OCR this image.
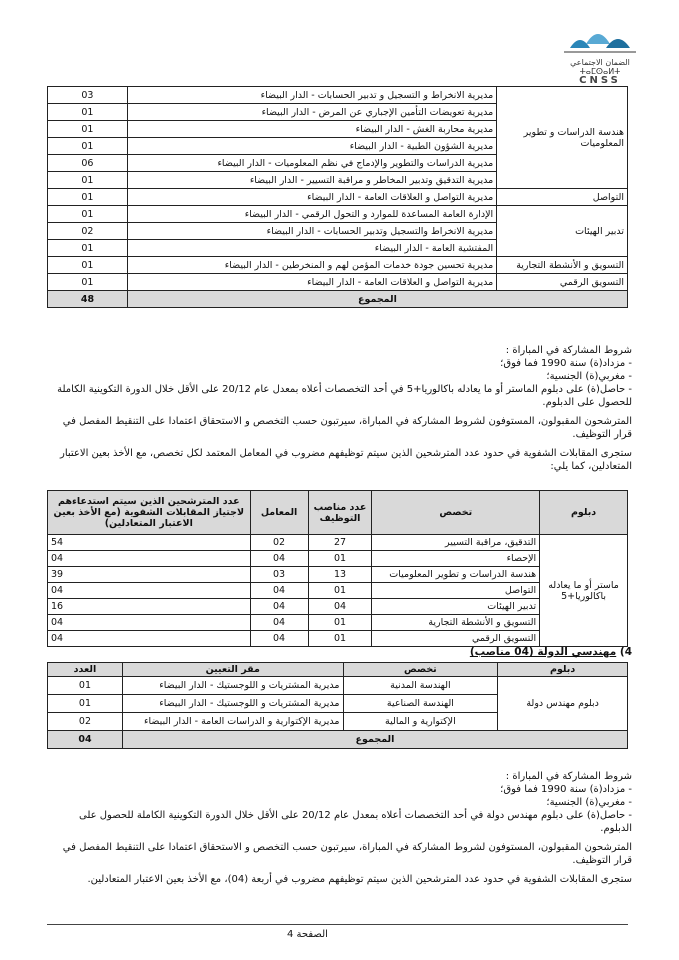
الضمان الاجتماعي
ⵜⴰⵎⵙⴰⵍⵜ
CNSS
هندسة الدراسات و تطوير المعلوميات	مديرية الانخراط و التسجيل و تدبير الحسابات - الدار البيضاء	03
	مديرية تعويضات التأمين الإجباري عن المرض - الدار البيضاء	01
	مديرية محاربة الغش - الدار البيضاء	01
	مديرية الشؤون الطبية - الدار البيضاء	01
	مديرية الدراسات والتطوير والإدماج في نظم المعلوميات - الدار البيضاء	06
	مديرية التدقيق وتدبير المخاطر و مراقبة التسيير - الدار البيضاء	01
التواصل	مديرية التواصل و العلاقات العامة - الدار البيضاء	01
تدبير الهيئات	الإدارة العامة المساعدة للموارد و التحول الرقمي - الدار البيضاء	01
	مديرية الانخراط والتسجيل وتدبير الحسابات - الدار البيضاء	02
	المفتشية العامة - الدار البيضاء	01
التسويق و الأنشطة التجارية	مديرية تحسين جودة خدمات المؤمن لهم و المنخرطين - الدار البيضاء	01
التسويق الرقمي	مديرية التواصل و العلاقات العامة - الدار البيضاء	01
المجموع		48
شروط المشاركة في المباراة :
- مزداد(ة) سنة 1990 فما فوق؛
- مغربي(ة) الجنسية؛
- حاصل(ة) على دبلوم الماستر أو ما يعادله باكالوريا+5 في أحد التخصصات أعلاه بمعدل عام 20/12 على الأقل خلال الدورة التكوينية الكاملة للحصول على الدبلوم.
المترشحون المقبولون، المستوفون لشروط المشاركة في المباراة، سيرتبون حسب التخصص و الاستحقاق اعتمادا على التنقيط المفصل في قرار التوظيف.
ستجرى المقابلات الشفوية في حدود عدد المترشحين الذين سيتم توظيفهم مضروب في المعامل المعتمد لكل تخصص، مع الأخذ بعين الاعتبار المتعادلين، كما يلي:
دبلوم	تخصص	عدد مناصب التوظيف	المعامل	عدد المترشحين الذين سيتم استدعاءهم لاجتياز المقابلات الشفوية (مع الأخذ بعين الاعتبار المتعادلين)
ماستر أو ما يعادله باكالوريا+5	التدقيق، مراقبة التسيير	27	02	54
	الإحصاء	01	04	04
	هندسة الدراسات و تطوير المعلوميات	13	03	39
	التواصل	01	04	04
	تدبير الهيئات	04	04	16
	التسويق و الأنشطة التجارية	01	04	04
	التسويق الرقمي	01	04	04
4) مهندسي الدولة (04 مناصب)
دبلوم	تخصص	مقر التعيين	العدد
دبلوم مهندس دولة	الهندسة المدنية	مديرية المشتريات و اللوجستيك - الدار البيضاء	01
	الهندسة الصناعية	مديرية المشتريات و اللوجستيك - الدار البيضاء	01
	الإكتوارية و المالية	مديرية الإكتوارية و الدراسات العامة - الدار البيضاء	02
المجموع			04
شروط المشاركة في المباراة :
- مزداد(ة) سنة 1990 فما فوق؛
- مغربي(ة) الجنسية؛
- حاصل(ة) على دبلوم مهندس دولة في أحد التخصصات أعلاه بمعدل عام 20/12 على الأقل خلال الدورة التكوينية الكاملة للحصول على الدبلوم.
المترشحون المقبولون، المستوفون لشروط المشاركة في المباراة، سيرتبون حسب التخصص و الاستحقاق اعتمادا على التنقيط المفصل في قرار التوظيف.
ستجرى المقابلات الشفوية في حدود عدد المترشحين الذين سيتم توظيفهم مضروب في أربعة (04)، مع الأخذ بعين الاعتبار المتعادلين.
الصفحة 4
